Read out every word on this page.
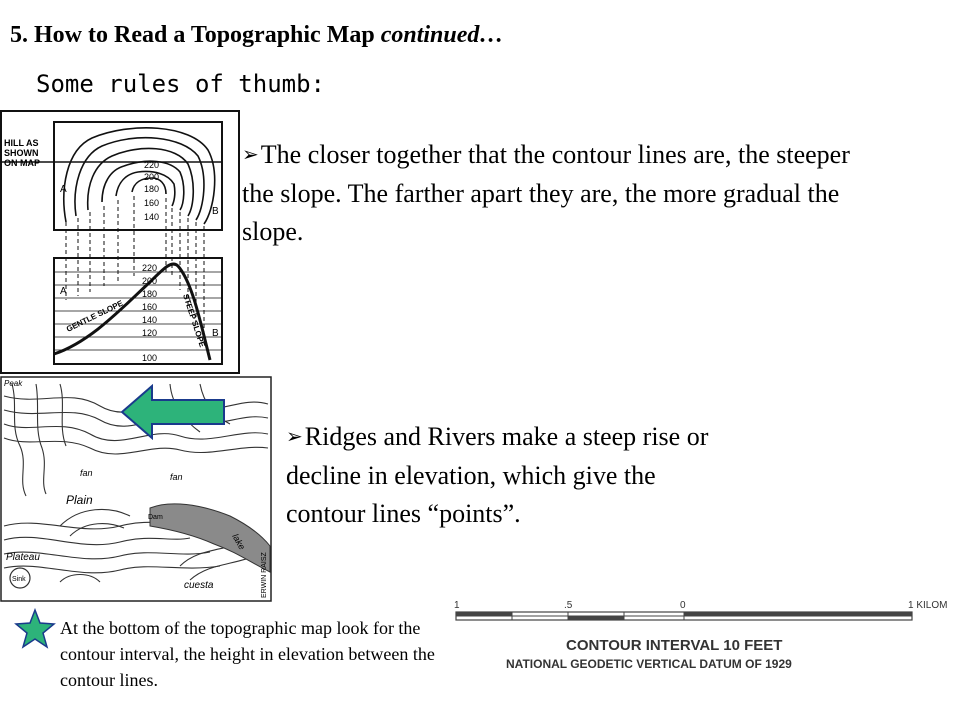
5. How to Read a Topographic Map continued…
Some rules of thumb:
220
200
180
160
140
A
B
HILL AS
SHOWN
ON MAP
220
200
180
160
140
120
100
A
B
GENTLE SLOPE	STEEP SLOPE
Peak
Plain
fan	fan
Dam
lake
Plateau
Sink
cuesta	ERWIN RAISZ
➢The closer together that the contour lines are, the steeper the slope. The farther apart they are, the more gradual the slope.
➢Ridges and Rivers make a steep rise or decline in elevation, which give the contour lines “points”.
At the bottom of the topographic map look for the contour interval, the height in elevation between the contour lines.
1	.5	0	1 KILOM
CONTOUR INTERVAL 10 FEET
NATIONAL GEODETIC VERTICAL DATUM OF 1929
